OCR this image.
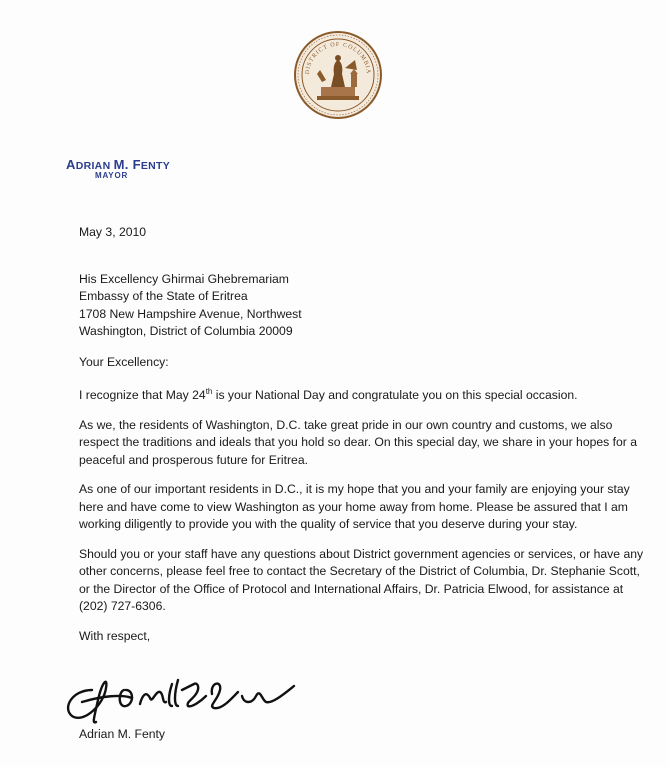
DISTRICT OF COLUMBIA
ADRIAN M. FENTY
MAYOR

May 3, 2010

His Excellency Ghirmai Ghebremariam
Embassy of the State of Eritrea
1708 New Hampshire Avenue, Northwest
Washington, District of Columbia 20009

Your Excellency:

I recognize that May 24th is your National Day and congratulate you on this special occasion.

As we, the residents of Washington, D.C. take great pride in our own country and customs, we also respect the traditions and ideals that you hold so dear. On this special day, we share in your hopes for a peaceful and prosperous future for Eritrea.

As one of our important residents in D.C., it is my hope that you and your family are enjoying your stay here and have come to view Washington as your home away from home. Please be assured that I am working diligently to provide you with the quality of service that you deserve during your stay.

Should you or your staff have any questions about District government agencies or services, or have any other concerns, please feel free to contact the Secretary of the District of Columbia, Dr. Stephanie Scott, or the Director of the Office of Protocol and International Affairs, Dr. Patricia Elwood, for assistance at (202) 727-6306.

With respect,

Adrian M. Fenty
